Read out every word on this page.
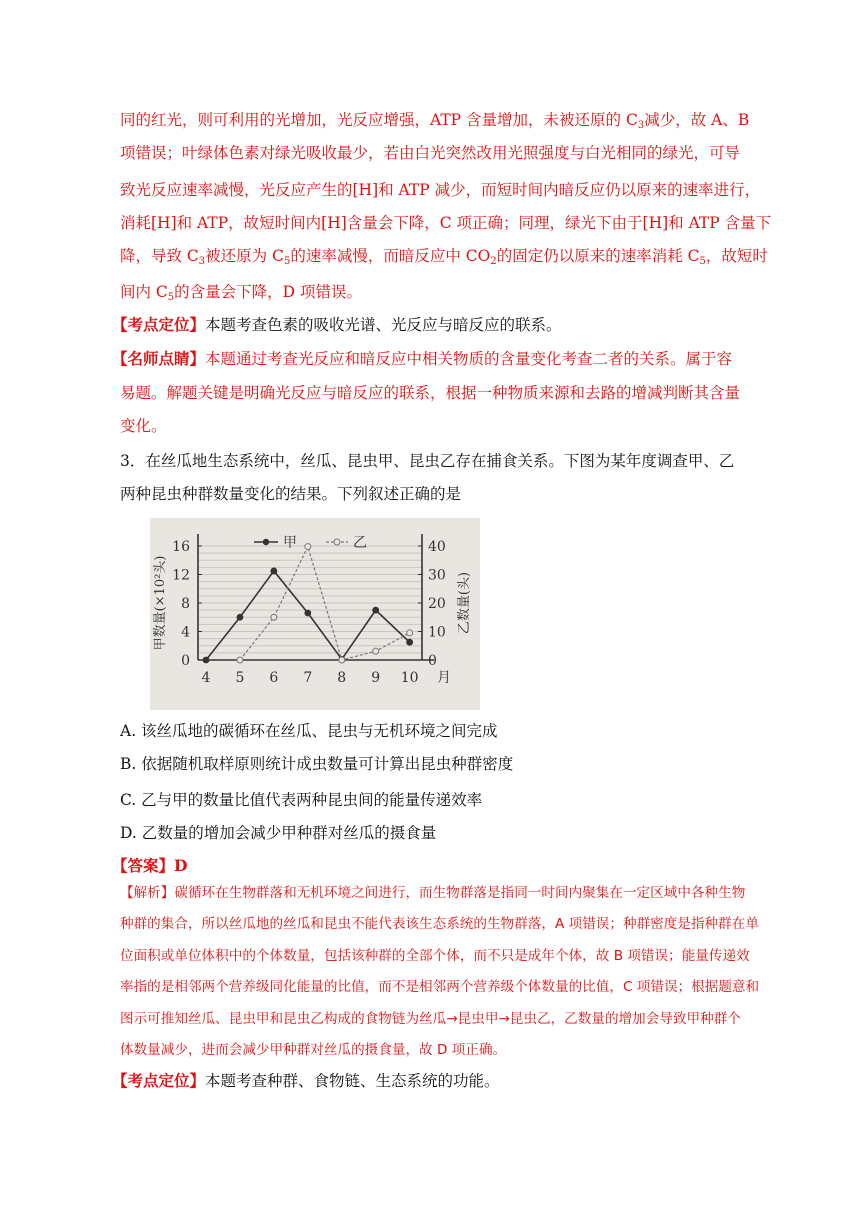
同的红光，则可利用的光增加，光反应增强，ATP 含量增加，未被还原的 $C_3$减少，故 A、B
项错误；叶绿体色素对绿光吸收最少，若由白光突然改用光照强度与白光相同的绿光，可导
致光反应速率减慢，光反应产生的[H]和 ATP 减少，而短时间内暗反应仍以原来的速率进行，
消耗[H]和 ATP，故短时间内[H]含量会下降，C 项正确；同理，绿光下由于[H]和 ATP 含量下
降，导致 $C_3$被还原为 $C_5$的速率减慢，而暗反应中 $CO_2$的固定仍以原来的速率消耗 $C_5$，故短时
间内 $C_5$的含量会下降，D 项错误。
【考点定位】本题考查色素的吸收光谱、光反应与暗反应的联系。
【名师点睛】本题通过考查光反应和暗反应中相关物质的含量变化考查二者的关系。属于容
易题。解题关键是明确光反应与暗反应的联系，根据一种物质来源和去路的增减判断其含量
变化。
3．在丝瓜地生态系统中，丝瓜、昆虫甲、昆虫乙存在捕食关系。下图为某年度调查甲、乙
两种昆虫种群数量变化的结果。下列叙述正确的是
0
4
8
12
16
0
10
20
30
40
4 5 6 7 8 9 10 月
甲数量(×10²头)	乙数量(头)
甲	乙
A. 该丝瓜地的碳循环在丝瓜、昆虫与无机环境之间完成
B. 依据随机取样原则统计成虫数量可计算出昆虫种群密度
C. 乙与甲的数量比值代表两种昆虫间的能量传递效率
D. 乙数量的增加会减少甲种群对丝瓜的摄食量
【答案】D
【解析】碳循环在生物群落和无机环境之间进行，而生物群落是指同一时间内聚集在一定区域中各种生物
种群的集合，所以丝瓜地的丝瓜和昆虫不能代表该生态系统的生物群落，A 项错误；种群密度是指种群在单
位面积或单位体积中的个体数量，包括该种群的全部个体，而不只是成年个体，故 B 项错误；能量传递效
率指的是相邻两个营养级同化能量的比值，而不是相邻两个营养级个体数量的比值，C 项错误；根据题意和
图示可推知丝瓜、昆虫甲和昆虫乙构成的食物链为丝瓜→昆虫甲→昆虫乙，乙数量的增加会导致甲种群个
体数量减少，进而会减少甲种群对丝瓜的摄食量，故 D 项正确。
【考点定位】本题考查种群、食物链、生态系统的功能。
